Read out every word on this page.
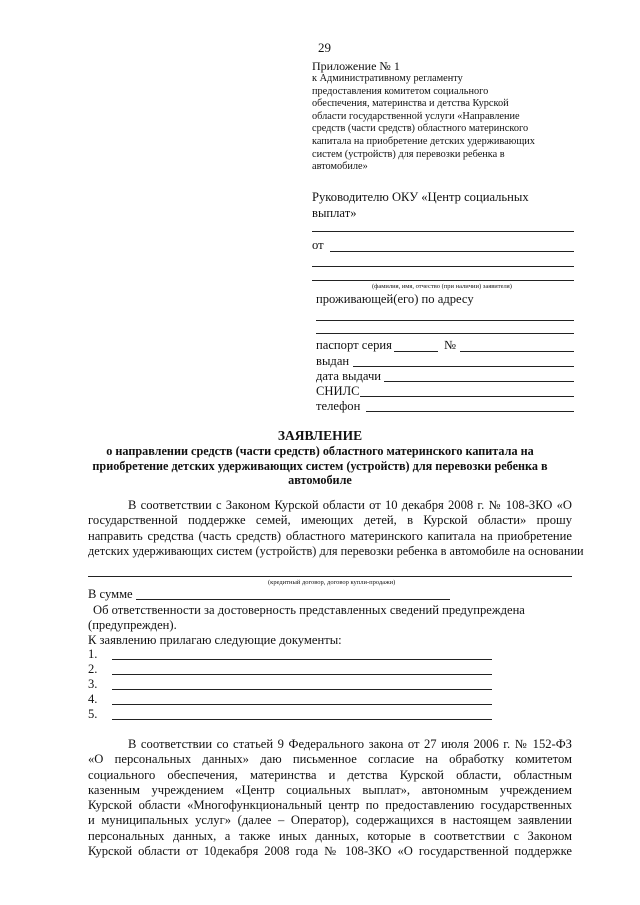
29
Приложение № 1
к Административному регламенту
предоставления комитетом социального
обеспечения, материнства и детства Курской
области государственной услуги «Направление
средств (части средств) областного материнского
капитала на приобретение детских удерживающих
систем (устройств) для перевозки ребенка в
автомобиле»
Руководителю ОКУ «Центр социальных
выплат»
от
(фамилия, имя, отчество (при наличии) заявителя)
проживающей(его) по адресу
паспорт серия	№
выдан
дата выдачи
СНИЛС
телефон
ЗАЯВЛЕНИЕ
о направлении средств (части средств) областного материнского капитала на
приобретение детских удерживающих систем (устройств) для перевозки ребенка в
автомобиле
В соответствии с Законом Курской области от 10 декабря 2008 г. № 108-ЗКО «О
государственной поддержке семей, имеющих детей, в Курской области» прошу
направить средства (часть средств) областного материнского капитала на приобретение
детских удерживающих систем (устройств) для перевозки ребенка в автомобиле на основании
(кредитный договор, договор купли-продажи)
В сумме
Об ответственности за достоверность представленных сведений предупреждена
(предупрежден).
К заявлению прилагаю следующие документы:
1.
2.
3.
4.
5.
В соответствии со статьей 9 Федерального закона от 27 июля 2006 г. № 152-ФЗ
«О персональных данных» даю письменное согласие на обработку комитетом
социального обеспечения, материнства и детства Курской области, областным
казенным учреждением «Центр социальных выплат», автономным учреждением
Курской области «Многофункциональный центр по предоставлению государственных
и муниципальных услуг» (далее – Оператор), содержащихся в настоящем заявлении
персональных данных, а также иных данных, которые в соответствии с Законом
Курской области от 10декабря 2008 года № 108-ЗКО «О государственной поддержке
